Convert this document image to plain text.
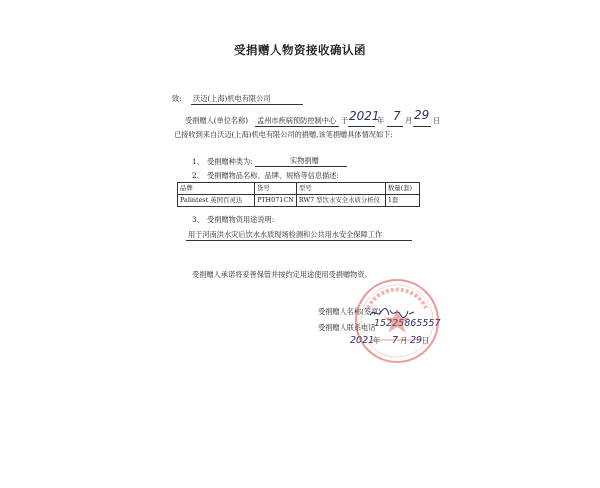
受捐赠人物资接收确认函
致: 沃迈(上海)机电有限公司
受捐赠人(单位名称) 孟州市疾病预防控制中心 于 2021
年 7 月 29 日
已接收到来自沃迈(上海)机电有限公司的捐赠,该笔捐赠具体情况如下:
1、 受捐赠种类为:	实物捐赠
2、 受捐赠物品名称、品牌、规格等信息描述:
品牌	货号	型号	数量(套)
Palintest 英国百灵达	PTH071CN	RW7 型饮水安全水质分析仪	1套
3、 受捐赠物资用途说明:
用于河南洪水灾后饮水水质现场检测和公共用水安全保障工作
受捐赠人承诺将妥善保管并按约定用途使用受捐赠物资。
受捐赠人名称(签章)
受捐赠人联系电话
15225865557
2021
年 7 月 29 日
